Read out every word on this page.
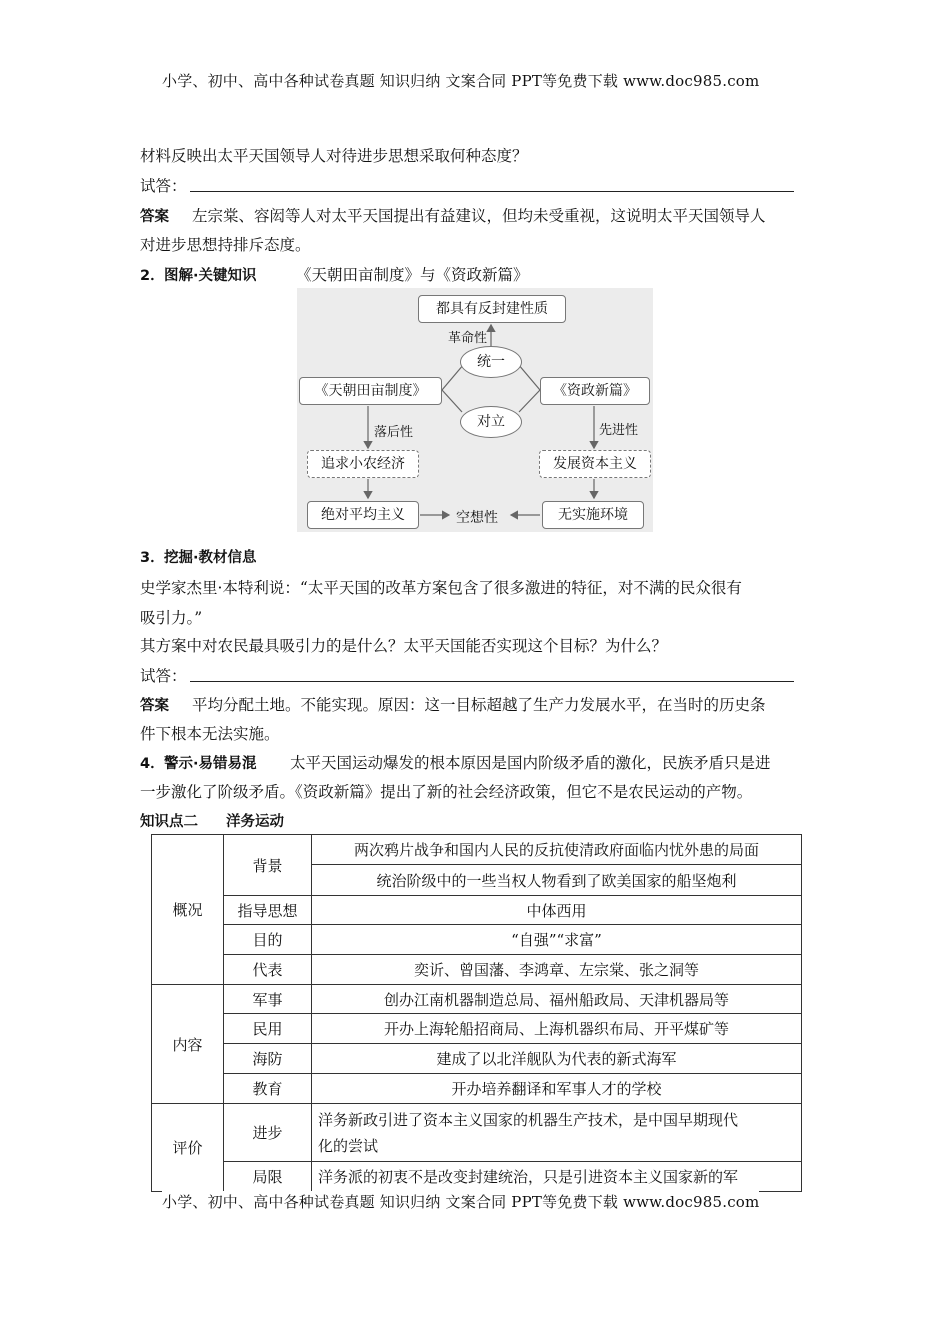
小学、初中、高中各种试卷真题 知识归纳 文案合同 PPT等免费下载 www.doc985.com
材料反映出太平天国领导人对待进步思想采取何种态度？
试答：
答案 左宗棠、容闳等人对太平天国提出有益建议，但均未受重视，这说明太平天国领导人
对进步思想持排斥态度。
2． 图解·关键知识	《天朝田亩制度》与《资政新篇》
都具有反封建性质
革命性
统一
《天朝田亩制度》	《资政新篇》
对立
落后性	先进性
追求小农经济	发展资本主义
绝对平均主义	无实施环境
空想性
3． 挖掘·教材信息
史学家杰里·本特利说：“太平天国的改革方案包含了很多激进的特征，对不满的民众很有
吸引力。”
其方案中对农民最具吸引力的是什么？太平天国能否实现这个目标？为什么？
试答：
答案 平均分配土地。不能实现。原因：这一目标超越了生产力发展水平，在当时的历史条
件下根本无法实施。
4． 警示·易错易混 太平天国运动爆发的根本原因是国内阶级矛盾的激化，民族矛盾只是进
一步激化了阶级矛盾。《资政新篇》提出了新的社会经济政策，但它不是农民运动的产物。
知识点二 洋务运动
概况	背景	两次鸦片战争和国内人民的反抗使清政府面临内忧外患的局面
		统治阶级中的一些当权人物看到了欧美国家的船坚炮利
	指导思想	中体西用
	目的	“自强”“求富”
	代表	奕䜣、曾国藩、李鸿章、左宗棠、张之洞等
内容	军事	创办江南机器制造总局、福州船政局、天津机器局等
	民用	开办上海轮船招商局、上海机器织布局、开平煤矿等
	海防	建成了以北洋舰队为代表的新式海军
	教育	开办培养翻译和军事人才的学校
评价	进步	洋务新政引进了资本主义国家的机器生产技术，是中国早期现代
化的尝试

	局限	洋务派的初衷不是改变封建统治，只是引进资本主义国家新的军
小学、初中、高中各种试卷真题 知识归纳 文案合同 PPT等免费下载 www.doc985.com
